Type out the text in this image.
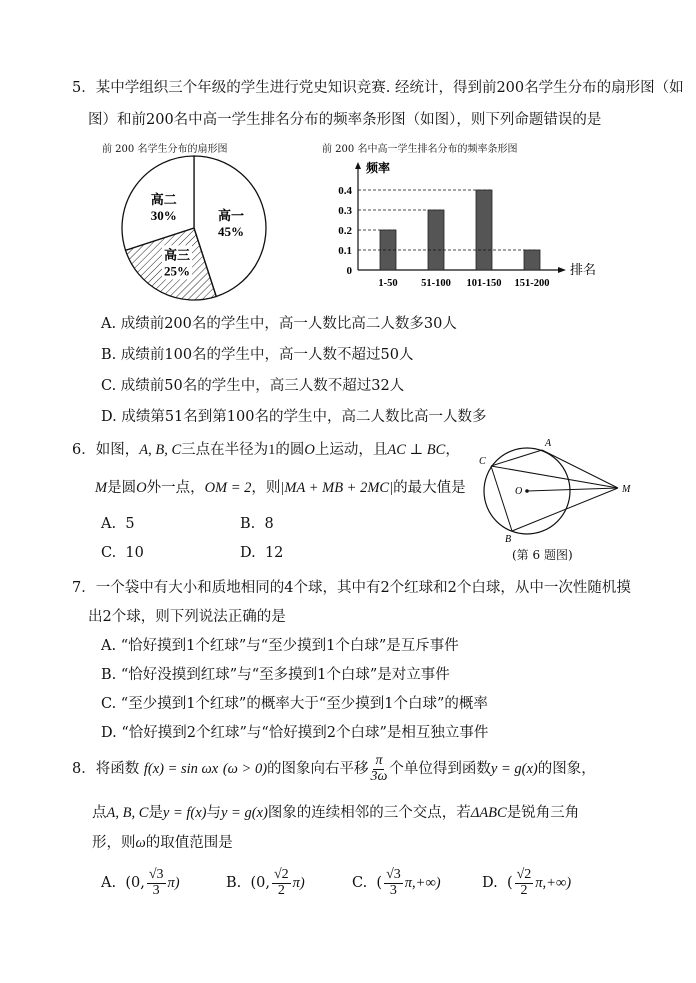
5．某中学组织三个年级的学生进行党史知识竞赛. 经统计，得到前200名学生分布的扇形图（如
图）和前200名中高一学生排名分布的频率条形图（如图），则下列命题错误的是
前 200 名学生分布的扇形图	前 200 名中高一学生排名分布的频率条形图
高一
45%
高三
25%
高二
30%
频率
排名
0
0.1
0.2
0.3
0.4
1-50 51-100 101-150 151-200
A. 成绩前200名的学生中，高一人数比高二人数多30人
B. 成绩前100名的学生中，高一人数不超过50人
C. 成绩前50名的学生中，高三人数不超过32人
D. 成绩第51名到第100名的学生中，高二人数比高一人数多
6．如图，A, B, C三点在半径为1的圆O上运动，且AC ⊥ BC，
M是圆O外一点，OM = 2，则|MA + MB + 2MC|的最大值是
A. 5	B. 8
C. 10	D. 12
A
C
B
O	M
(第 6 题图)
7．一个袋中有大小和质地相同的4个球，其中有2个红球和2个白球，从中一次性随机摸
出2个球，则下列说法正确的是
A. “恰好摸到1个红球”与“至少摸到1个白球”是互斥事件
B. “恰好没摸到红球”与“至多摸到1个白球”是对立事件
C. “至少摸到1个红球”的概率大于“至少摸到1个白球”的概率
D. “恰好摸到2个红球”与“恰好摸到2个白球”是相互独立事件
8．将函数 f(x) = sin ωx (ω > 0)的图象向右平移 $\frac{\pi}{3\omega}$ 个单位得到函数y = g(x)的图象，
点A, B, C是y = f(x)与y = g(x)图象的连续相邻的三个交点，若ΔABC是锐角三角
形，则ω的取值范围是
A. (0, $\frac{√3}{3} \pi$)	B. (0, $\frac{√2}{2} \pi$)	C. ( $\frac{√3}{3} \pi,+\infty$)	D. ( $\frac{√2}{2} \pi,+\infty$)
